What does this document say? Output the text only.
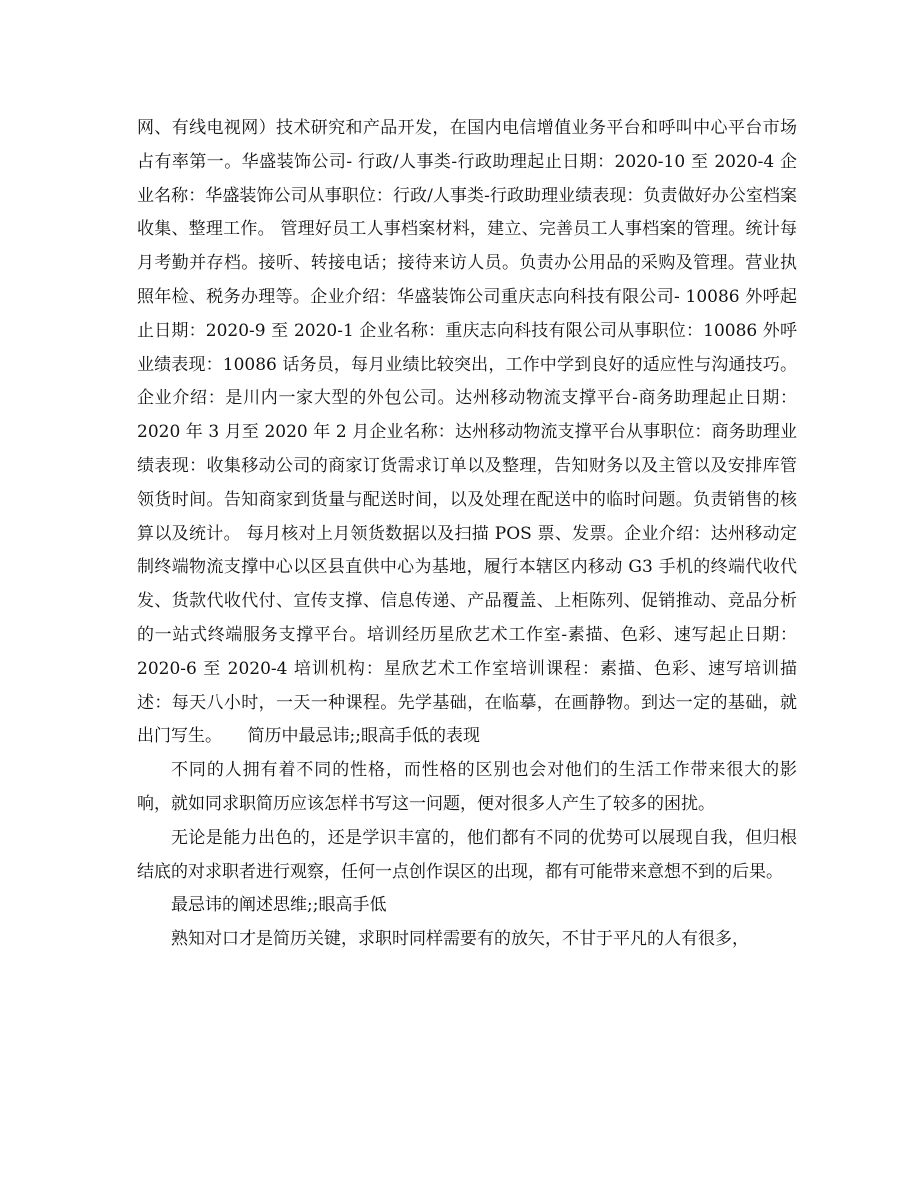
网、有线电视网）技术研究和产品开发，在国内电信增值业务平台和呼叫中心平台市场占有率第一。华盛装饰公司- 行政/人事类-行政助理起止日期：2020-10 至 2020-4 企业名称：华盛装饰公司从事职位：行政/人事类-行政助理业绩表现：负责做好办公室档案收集、整理工作。 管理好员工人事档案材料，建立、完善员工人事档案的管理。统计每月考勤并存档。接听、转接电话；接待来访人员。负责办公用品的采购及管理。营业执照年检、税务办理等。企业介绍：华盛装饰公司重庆志向科技有限公司- 10086 外呼起止日期：2020-9 至 2020-1 企业名称：重庆志向科技有限公司从事职位：10086 外呼业绩表现：10086 话务员，每月业绩比较突出，工作中学到良好的适应性与沟通技巧。企业介绍：是川内一家大型的外包公司。达州移动物流支撑平台-商务助理起止日期：2020 年 3 月至 2020 年 2 月企业名称：达州移动物流支撑平台从事职位：商务助理业绩表现：收集移动公司的商家订货需求订单以及整理，告知财务以及主管以及安排库管领货时间。告知商家到货量与配送时间，以及处理在配送中的临时问题。负责销售的核算以及统计。 每月核对上月领货数据以及扫描 POS 票、发票。企业介绍：达州移动定制终端物流支撑中心以区县直供中心为基地，履行本辖区内移动 G3 手机的终端代收代发、货款代收代付、宣传支撑、信息传递、产品覆盖、上柜陈列、促销推动、竞品分析的一站式终端服务支撑平台。培训经历星欣艺术工作室-素描、色彩、速写起止日期：2020-6 至 2020-4 培训机构：星欣艺术工作室培训课程：素描、色彩、速写培训描述：每天八小时，一天一种课程。先学基础，在临摹，在画静物。到达一定的基础，就出门写生。　　简历中最忌讳;;眼高手低的表现

不同的人拥有着不同的性格，而性格的区别也会对他们的生活工作带来很大的影响，就如同求职简历应该怎样书写这一问题，便对很多人产生了较多的困扰。

无论是能力出色的，还是学识丰富的，他们都有不同的优势可以展现自我，但归根结底的对求职者进行观察，任何一点创作误区的出现，都有可能带来意想不到的后果。

最忌讳的阐述思维;;眼高手低

熟知对口才是简历关键，求职时同样需要有的放矢，不甘于平凡的人有很多，
